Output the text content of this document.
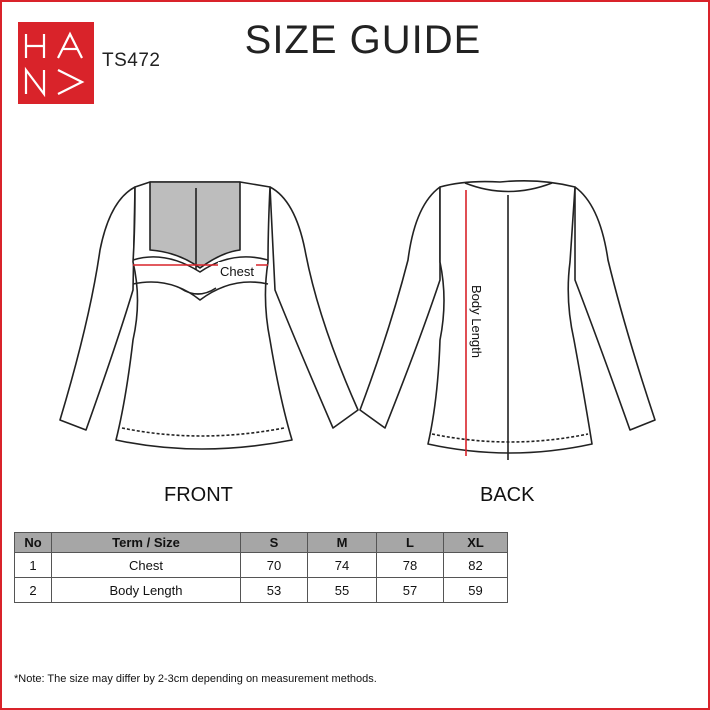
TS472	SIZE GUIDE
Chest
Body Length
FRONT	BACK
No	Term / Size	S	M	L	XL
1	Chest	70	74	78	82
2	Body Length	53	55	57	59
*Note: The size may differ by 2-3cm depending on measurement methods.
